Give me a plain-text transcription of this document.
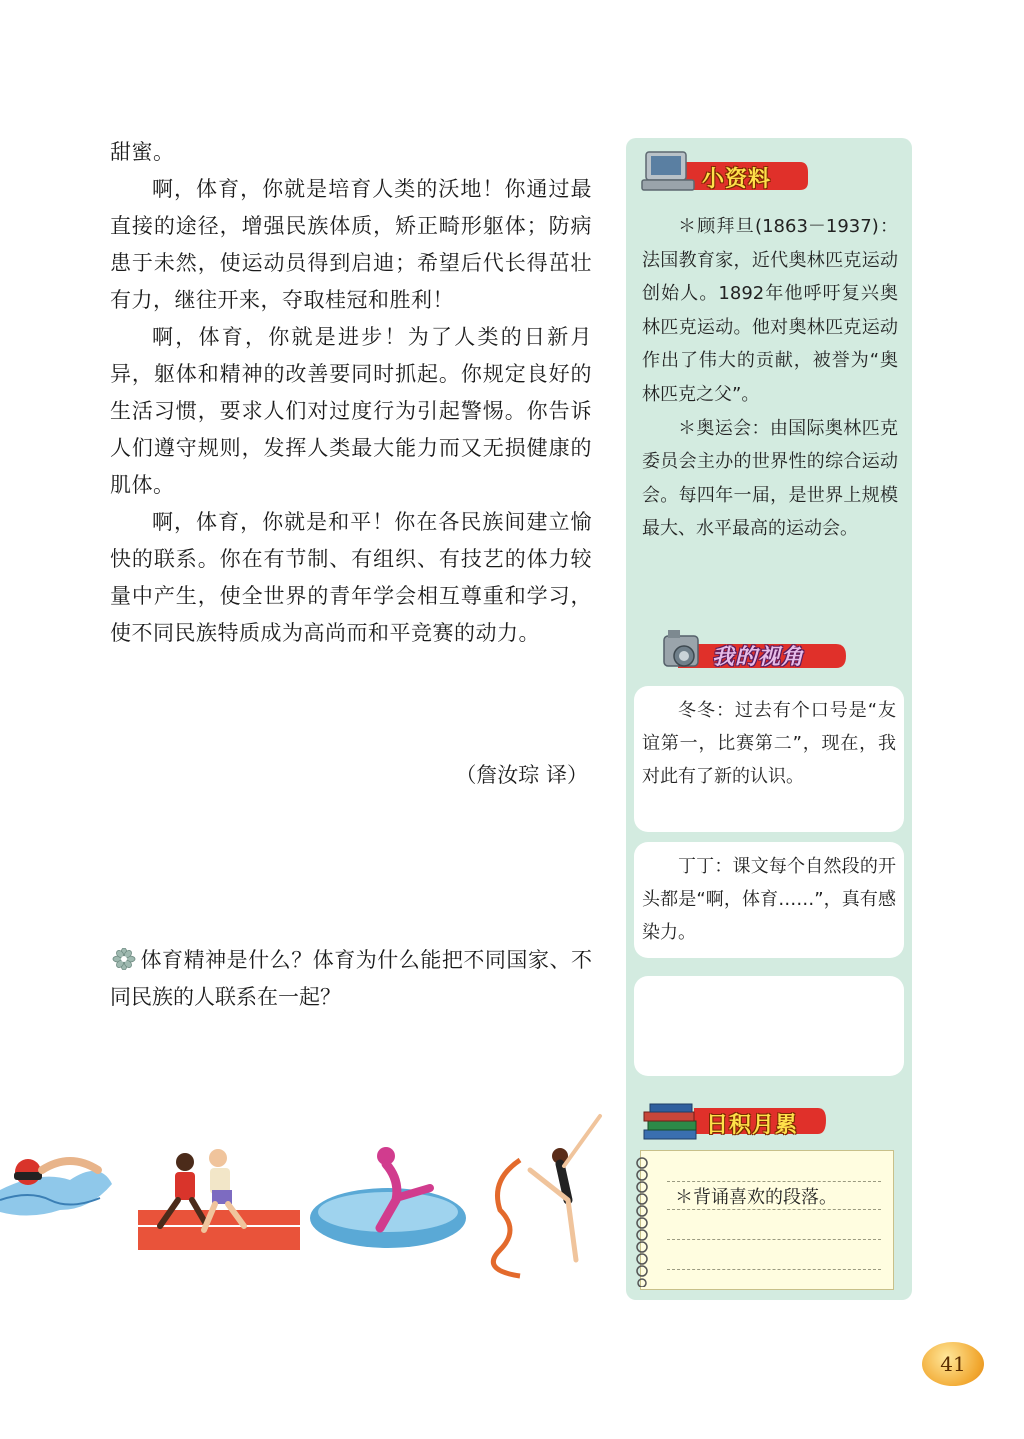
甜蜜。

啊，体育，你就是培育人类的沃地！你通过最直接的途径，增强民族体质，矫正畸形躯体；防病患于未然，使运动员得到启迪；希望后代长得茁壮有力，继往开来，夺取桂冠和胜利！

啊，体育，你就是进步！为了人类的日新月异，躯体和精神的改善要同时抓起。你规定良好的生活习惯，要求人们对过度行为引起警惕。你告诉人们遵守规则，发挥人类最大能力而又无损健康的肌体。

啊，体育，你就是和平！你在各民族间建立愉快的联系。你在有节制、有组织、有技艺的体力较量中产生，使全世界的青年学会相互尊重和学习，使不同民族特质成为高尚而和平竞赛的动力。

（詹汝琮 译）
体育精神是什么？体育为什么能把不同国家、不同民族的人联系在一起？
小资料

＊顾拜旦(1863－1937)：法国教育家，近代奥林匹克运动创始人。1892年他呼吁复兴奥林匹克运动。他对奥林匹克运动作出了伟大的贡献，被誉为“奥林匹克之父”。

＊奥运会：由国际奥林匹克委员会主办的世界性的综合运动会。每四年一届，是世界上规模最大、水平最高的运动会。

我的视角

冬冬：过去有个口号是“友谊第一，比赛第二”，现在，我对此有了新的认识。

丁丁：课文每个自然段的开头都是“啊，体育……”，真有感染力。

日积月累
＊背诵喜欢的段落。
41
